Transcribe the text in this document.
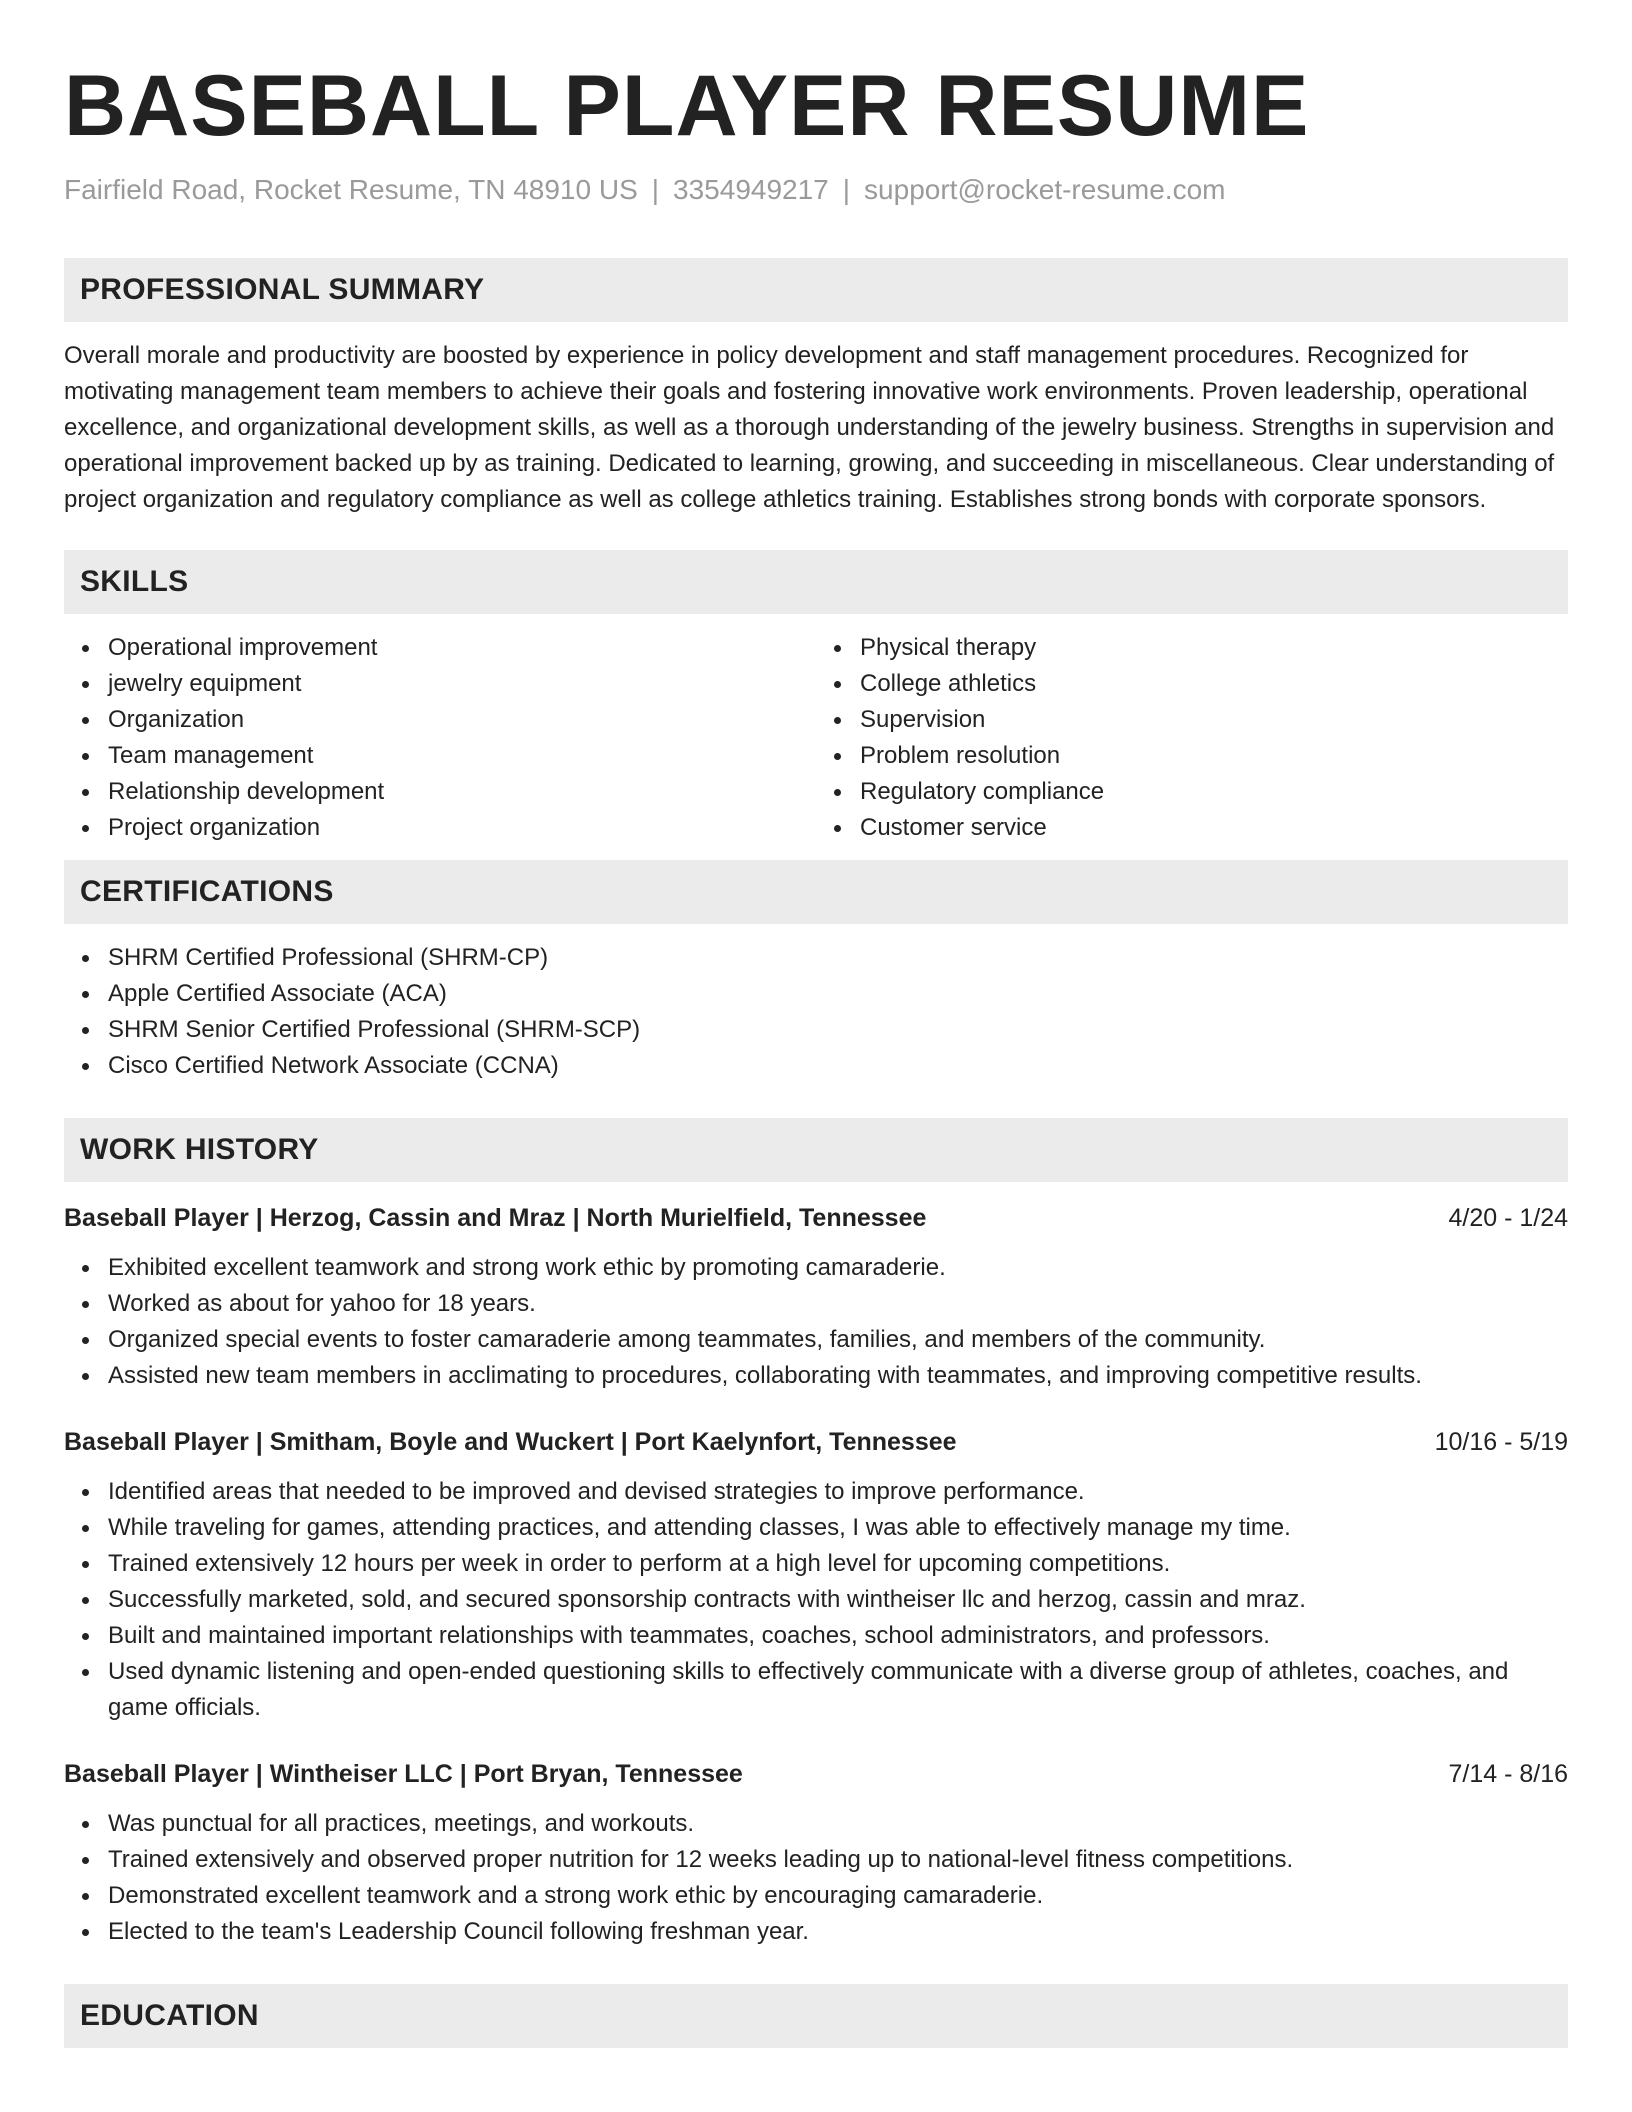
BASEBALL PLAYER RESUME
Fairfield Road, Rocket Resume, TN 48910 US | 3354949217 | support@rocket-resume.com
PROFESSIONAL SUMMARY
Overall morale and productivity are boosted by experience in policy development and staff management procedures. Recognized for motivating management team members to achieve their goals and fostering innovative work environments. Proven leadership, operational excellence, and organizational development skills, as well as a thorough understanding of the jewelry business. Strengths in supervision and operational improvement backed up by as training. Dedicated to learning, growing, and succeeding in miscellaneous. Clear understanding of project organization and regulatory compliance as well as college athletics training. Establishes strong bonds with corporate sponsors.
SKILLS
Operational improvement
jewelry equipment
Organization
Team management
Relationship development
Project organization
Physical therapy
College athletics
Supervision
Problem resolution
Regulatory compliance
Customer service
CERTIFICATIONS
SHRM Certified Professional (SHRM-CP)
Apple Certified Associate (ACA)
SHRM Senior Certified Professional (SHRM-SCP)
Cisco Certified Network Associate (CCNA)
WORK HISTORY
Baseball Player | Herzog, Cassin and Mraz | North Murielfield, Tennessee	4/20 - 1/24
Exhibited excellent teamwork and strong work ethic by promoting camaraderie.
Worked as about for yahoo for 18 years.
Organized special events to foster camaraderie among teammates, families, and members of the community.
Assisted new team members in acclimating to procedures, collaborating with teammates, and improving competitive results.
Baseball Player | Smitham, Boyle and Wuckert | Port Kaelynfort, Tennessee	10/16 - 5/19
Identified areas that needed to be improved and devised strategies to improve performance.
While traveling for games, attending practices, and attending classes, I was able to effectively manage my time.
Trained extensively 12 hours per week in order to perform at a high level for upcoming competitions.
Successfully marketed, sold, and secured sponsorship contracts with wintheiser llc and herzog, cassin and mraz.
Built and maintained important relationships with teammates, coaches, school administrators, and professors.
Used dynamic listening and open-ended questioning skills to effectively communicate with a diverse group of athletes, coaches, and game officials.
Baseball Player | Wintheiser LLC | Port Bryan, Tennessee	7/14 - 8/16
Was punctual for all practices, meetings, and workouts.
Trained extensively and observed proper nutrition for 12 weeks leading up to national-level fitness competitions.
Demonstrated excellent teamwork and a strong work ethic by encouraging camaraderie.
Elected to the team's Leadership Council following freshman year.
EDUCATION
